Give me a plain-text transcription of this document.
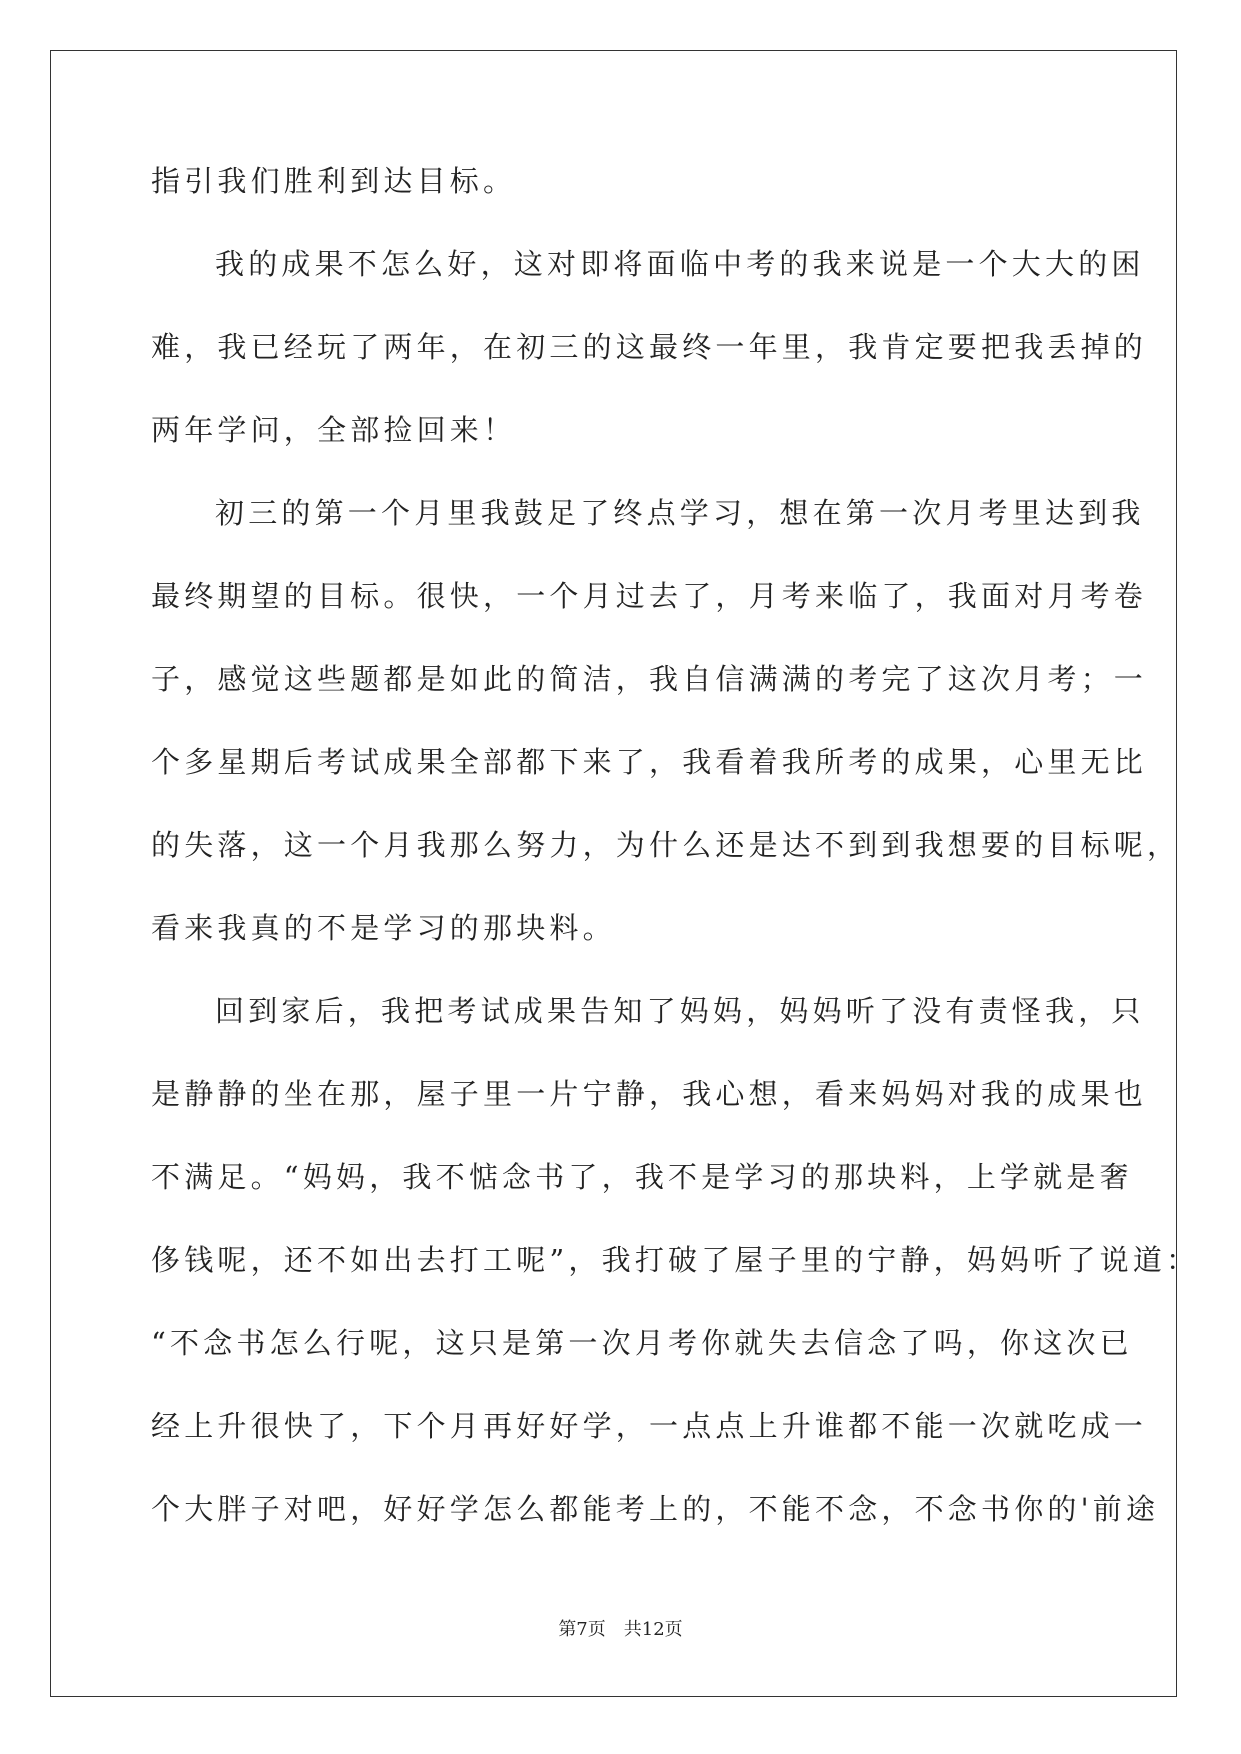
指引我们胜利到达目标。
我的成果不怎么好，这对即将面临中考的我来说是一个大大的困
难，我已经玩了两年，在初三的这最终一年里，我肯定要把我丢掉的
两年学问，全部捡回来！
初三的第一个月里我鼓足了终点学习，想在第一次月考里达到我
最终期望的目标。很快，一个月过去了，月考来临了，我面对月考卷
子，感觉这些题都是如此的简洁，我自信满满的考完了这次月考；一
个多星期后考试成果全部都下来了，我看着我所考的成果，心里无比
的失落，这一个月我那么努力，为什么还是达不到到我想要的目标呢，
看来我真的不是学习的那块料。
回到家后，我把考试成果告知了妈妈，妈妈听了没有责怪我，只
是静静的坐在那，屋子里一片宁静，我心想，看来妈妈对我的成果也
不满足。“妈妈，我不惦念书了，我不是学习的那块料，上学就是奢
侈钱呢，还不如出去打工呢”，我打破了屋子里的宁静，妈妈听了说道：
“不念书怎么行呢，这只是第一次月考你就失去信念了吗，你这次已
经上升很快了，下个月再好好学，一点点上升谁都不能一次就吃成一
个大胖子对吧，好好学怎么都能考上的，不能不念，不念书你的'前途
第7页　共12页
